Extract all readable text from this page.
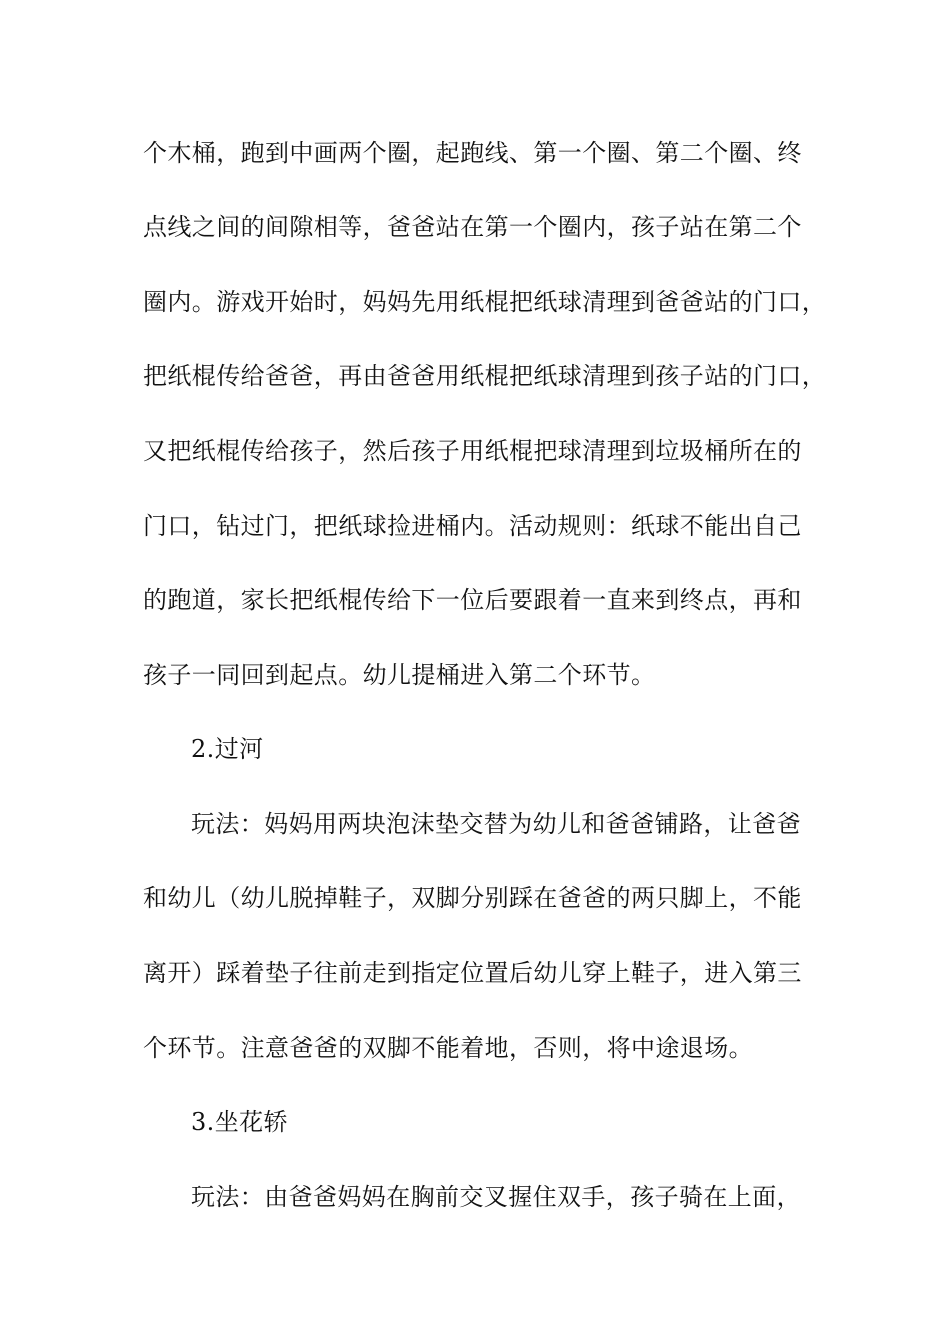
个木桶，跑到中画两个圈，起跑线、第一个圈、第二个圈、终
点线之间的间隙相等，爸爸站在第一个圈内，孩子站在第二个
圈内。游戏开始时，妈妈先用纸棍把纸球清理到爸爸站的门口，
把纸棍传给爸爸，再由爸爸用纸棍把纸球清理到孩子站的门口，
又把纸棍传给孩子，然后孩子用纸棍把球清理到垃圾桶所在的
门口，钻过门，把纸球捡进桶内。活动规则：纸球不能出自己
的跑道，家长把纸棍传给下一位后要跟着一直来到终点，再和
孩子一同回到起点。幼儿提桶进入第二个环节。
2.过河
玩法：妈妈用两块泡沫垫交替为幼儿和爸爸铺路，让爸爸
和幼儿（幼儿脱掉鞋子，双脚分别踩在爸爸的两只脚上，不能
离开）踩着垫子往前走到指定位置后幼儿穿上鞋子，进入第三
个环节。注意爸爸的双脚不能着地，否则，将中途退场。
3.坐花轿
玩法：由爸爸妈妈在胸前交叉握住双手，孩子骑在上面，
